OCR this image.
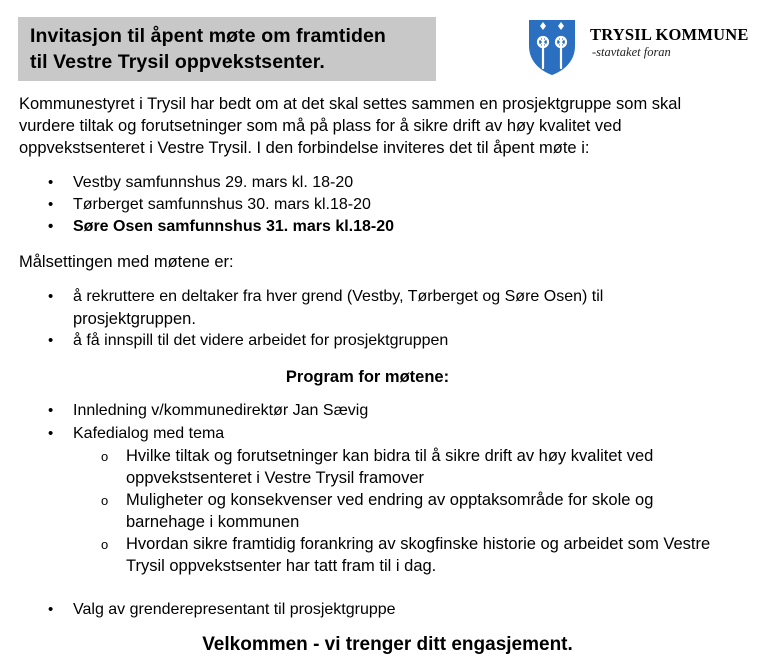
Invitasjon til åpent møte om framtiden
til Vestre Trysil oppvekstsenter.
TRYSIL KOMMUNE
-stavtaket foran
Kommunestyret i Trysil har bedt om at det skal settes sammen en prosjektgruppe som skal
vurdere tiltak og forutsetninger som må på plass for å sikre drift av høy kvalitet ved
oppvekstsenteret i Vestre Trysil. I den forbindelse inviteres det til åpent møte i:
• Vestby samfunnshus 29. mars kl. 18-20
• Tørberget samfunnshus 30. mars kl.18-20
• Søre Osen samfunnshus 31. mars kl.18-20
Målsettingen med møtene er:
• å rekruttere en deltaker fra hver grend (Vestby, Tørberget og Søre Osen) til
prosjektgruppen.
• å få innspill til det videre arbeidet for prosjektgruppen
Program for møtene:
• Innledning v/kommunedirektør Jan Sævig
• Kafedialog med tema
o Hvilke tiltak og forutsetninger kan bidra til å sikre drift av høy kvalitet ved
oppvekstsenteret i Vestre Trysil framover
o Muligheter og konsekvenser ved endring av opptaksområde for skole og
barnehage i kommunen
o Hvordan sikre framtidig forankring av skogfinske historie og arbeidet som Vestre
Trysil oppvekstsenter har tatt fram til i dag.
• Valg av grenderepresentant til prosjektgruppe
Velkommen - vi trenger ditt engasjement.
